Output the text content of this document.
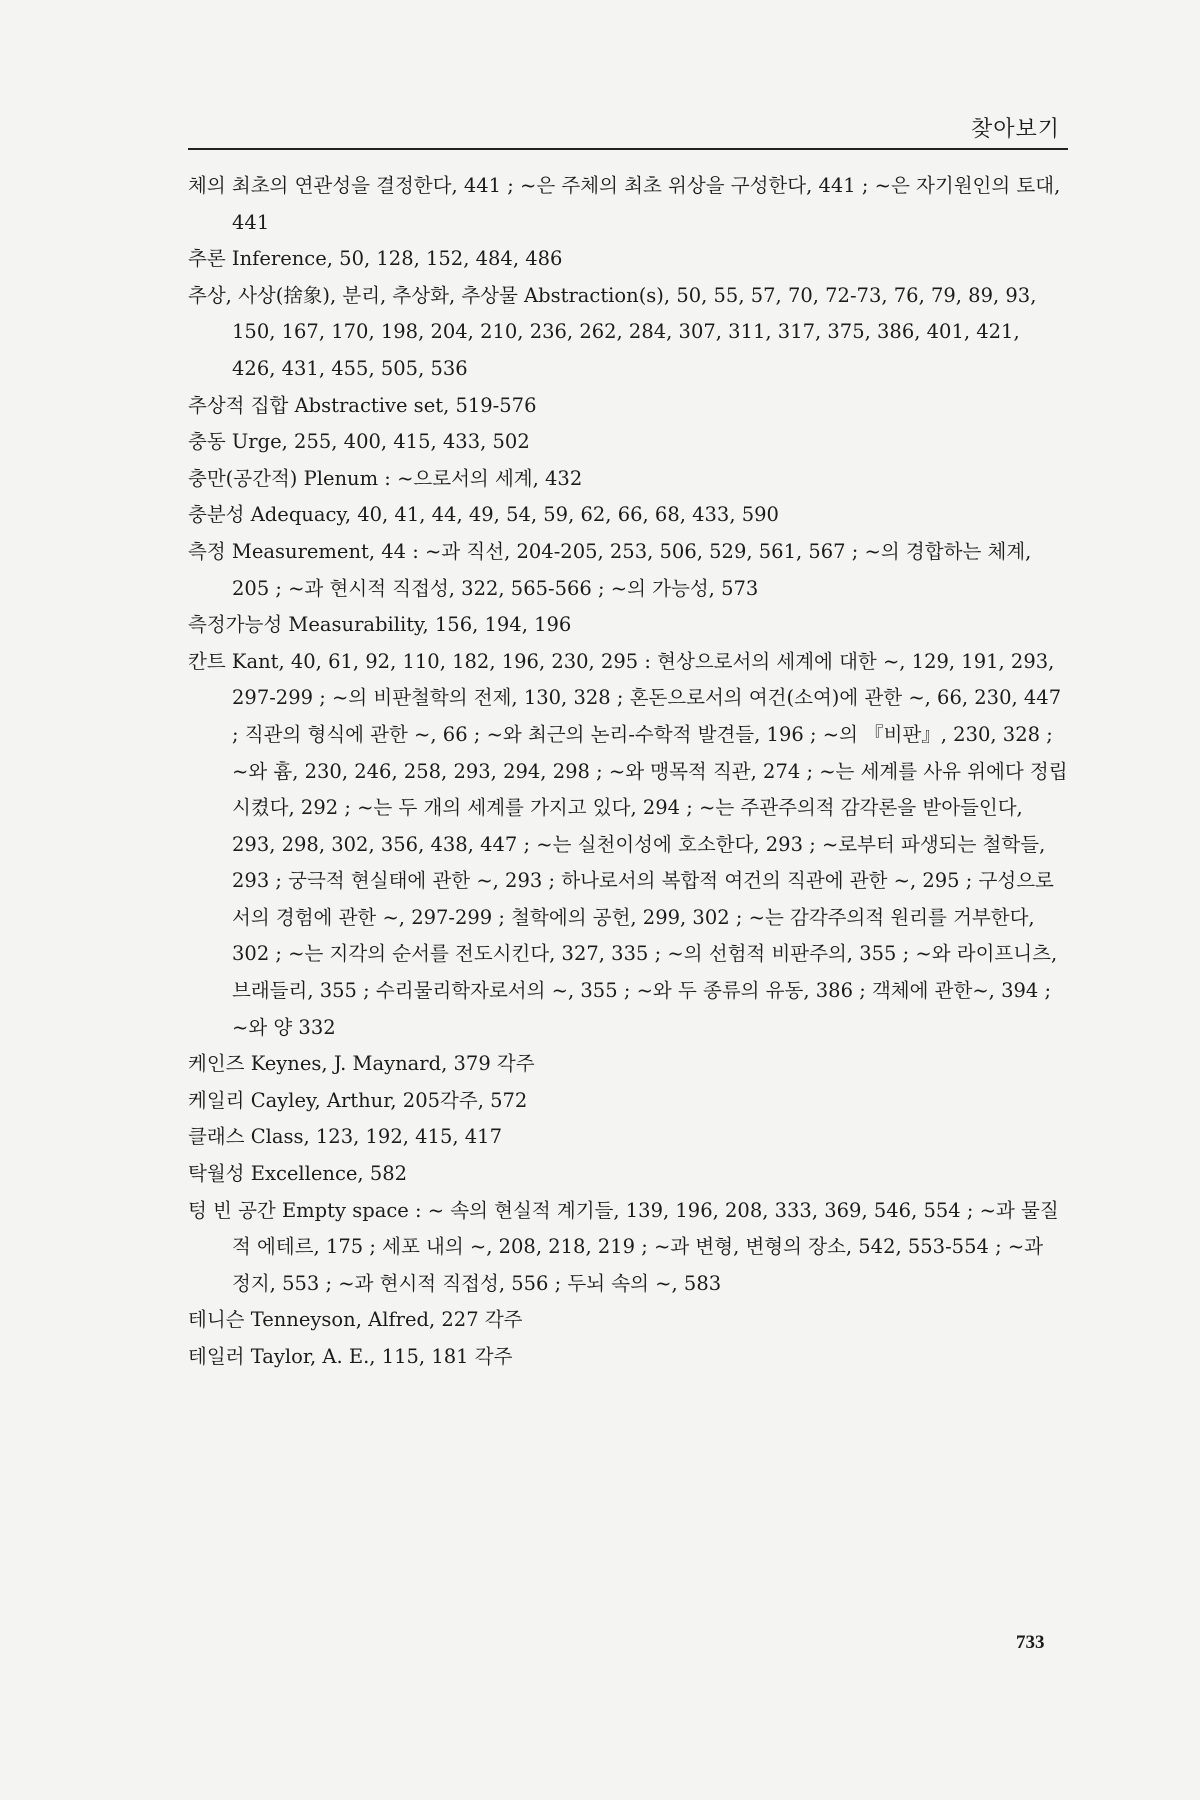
찾아보기

체의 최초의 연관성을 결정한다, 441 ; ~은 주체의 최초 위상을 구성한다, 441 ; ~은 자기원인의 토대, 441

추론 Inference, 50, 128, 152, 484, 486

추상, 사상(捨象), 분리, 추상화, 추상물 Abstraction(s), 50, 55, 57, 70, 72-73, 76, 79, 89, 93, 150, 167, 170, 198, 204, 210, 236, 262, 284, 307, 311, 317, 375, 386, 401, 421, 426, 431, 455, 505, 536

추상적 집합 Abstractive set, 519-576

충동 Urge, 255, 400, 415, 433, 502

충만(공간적) Plenum : ~으로서의 세계, 432

충분성 Adequacy, 40, 41, 44, 49, 54, 59, 62, 66, 68, 433, 590

측정 Measurement, 44 : ~과 직선, 204-205, 253, 506, 529, 561, 567 ; ~의 경합하는 체계, 205 ; ~과 현시적 직접성, 322, 565-566 ; ~의 가능성, 573

측정가능성 Measurability, 156, 194, 196

칸트 Kant, 40, 61, 92, 110, 182, 196, 230, 295 : 현상으로서의 세계에 대한 ~, 129, 191, 293, 297-299 ; ~의 비판철학의 전제, 130, 328 ; 혼돈으로서의 여건(소여)에 관한 ~, 66, 230, 447 ; 직관의 형식에 관한 ~, 66 ; ~와 최근의 논리-수학적 발견들, 196 ; ~의 『비판』, 230, 328 ; ~와 흄, 230, 246, 258, 293, 294, 298 ; ~와 맹목적 직관, 274 ; ~는 세계를 사유 위에다 정립시켰다, 292 ; ~는 두 개의 세계를 가지고 있다, 294 ; ~는 주관주의적 감각론을 받아들인다, 293, 298, 302, 356, 438, 447 ; ~는 실천이성에 호소한다, 293 ; ~로부터 파생되는 철학들, 293 ; 궁극적 현실태에 관한 ~, 293 ; 하나로서의 복합적 여건의 직관에 관한 ~, 295 ; 구성으로서의 경험에 관한 ~, 297-299 ; 철학에의 공헌, 299, 302 ; ~는 감각주의적 원리를 거부한다, 302 ; ~는 지각의 순서를 전도시킨다, 327, 335 ; ~의 선험적 비판주의, 355 ; ~와 라이프니츠, 브래들리, 355 ; 수리물리학자로서의 ~, 355 ; ~와 두 종류의 유동, 386 ; 객체에 관한~, 394 ; ~와 양 332

케인즈 Keynes, J. Maynard, 379 각주

케일리 Cayley, Arthur, 205각주, 572

클래스 Class, 123, 192, 415, 417

탁월성 Excellence, 582

텅 빈 공간 Empty space : ~ 속의 현실적 계기들, 139, 196, 208, 333, 369, 546, 554 ; ~과 물질적 에테르, 175 ; 세포 내의 ~, 208, 218, 219 ; ~과 변형, 변형의 장소, 542, 553-554 ; ~과 정지, 553 ; ~과 현시적 직접성, 556 ; 두뇌 속의 ~, 583

테니슨 Tenneyson, Alfred, 227 각주

테일러 Taylor, A. E., 115, 181 각주

733
